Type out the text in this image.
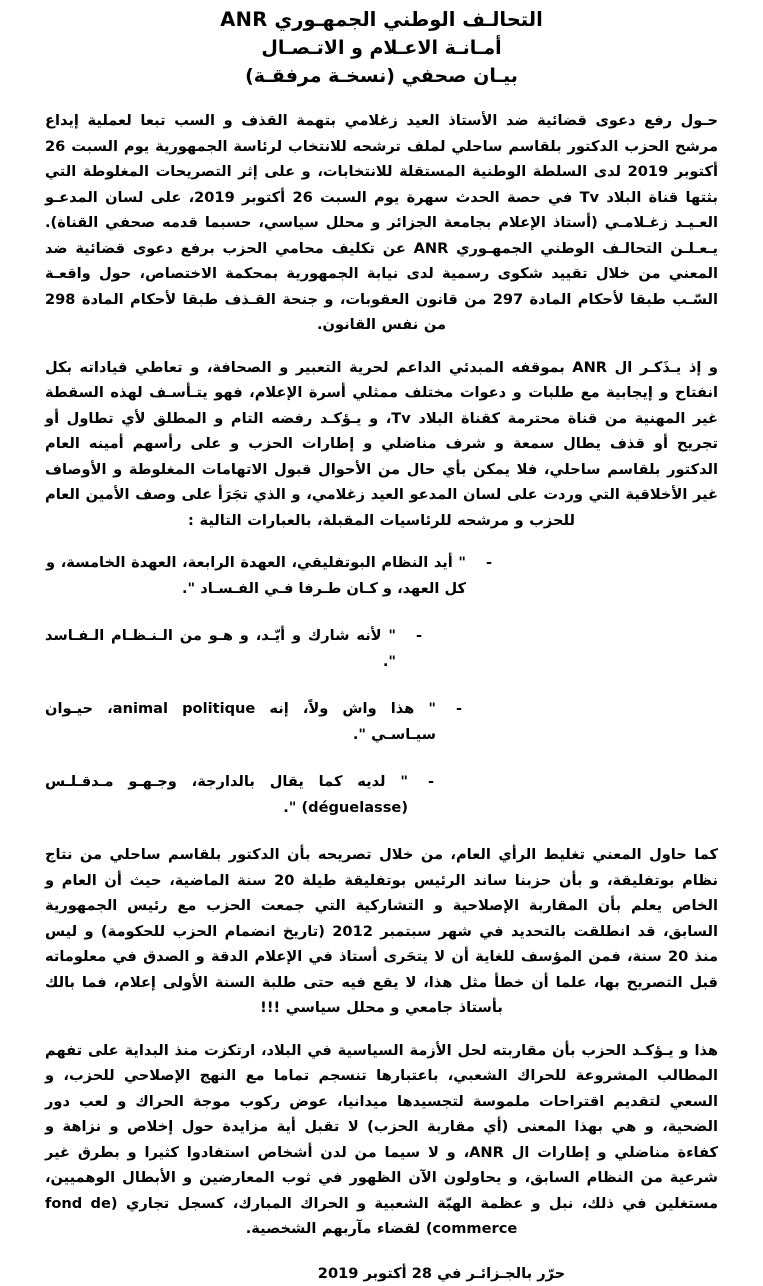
التحالـف الوطني الجمهـوري ANR
أمـانـة الاعـلام و الاتـصـال
بيـان صحفي (نسخـة مرفقـة)

حـول رفع دعوى قضائية ضد الأستاذ العيد زغلامي بتهمة القذف و السب تبعا لعملية إيداع مرشح الحزب الدكتور بلقاسم ساحلي لملف ترشحه للانتخاب لرئاسة الجمهورية يوم السبت 26 أكتوبر 2019 لدى السلطة الوطنية المستقلة للانتخابات، و على إثر التصريحات المغلوطة التي بثتها قناة البلاد Tv في حصة الحدث سهرة يوم السبت 26 أكتوبر 2019، على لسان المدعـو العـيـد زغـلامـي (أستاذ الإعلام بجامعة الجزائر و محلل سياسي، حسبما قدمه صحفي القناة). يـعـلـن التحالـف الوطني الجمهـوري ANR عن تكليف محامي الحزب برفع دعوى قضائية ضد المعني من خلال تقييد شكوى رسمية لدى نيابة الجمهورية بمحكمة الاختصاص، حول واقعـة السّـب طبقا لأحكام المادة 297 من قانون العقوبات، و جنحة القـذف طبقا لأحكام المادة 298 من نفس القانون.

و إذ يـذَكـر ال ANR بموقفه المبدئي الداعم لحرية التعبير و الصحافة، و تعاطي قياداته بكل انفتاح و إيجابية مع طلبات و دعوات مختلف ممثلي أسرة الإعلام، فهو يتـأسـف لهذه السقطة غير المهنية من قناة محترمة كقناة البلاد Tv، و يـؤكـد رفضه التام و المطلق لأي تطاول أو تجريح أو قذف يطال سمعة و شرف مناضلي و إطارات الحزب و على رأسهم أمينه العام الدكتور بلقاسم ساحلي، فلا يمكن بأي حال من الأحوال قبول الاتهامات المغلوطة و الأوصاف غير الأخلاقية التي وردت على لسان المدعو العيد زغلامي، و الذي تجَرَأ على وصف الأمين العام للحزب و مرشحه للرئاسيات المقبلة، بالعبارات التالية :

-
" أيد النظام البوتفليقي، العهدة الرابعة، العهدة الخامسة، و كل العهد، و كـان طـرفا فـي الفـسـاد ".
-
" لأنه شارك و أيّـد، و هـو من الـنـظـام الـفـاسد ".
-
" هذا واش ولاً، إنه animal politique، حيـوان سيـاسـي ".
-
" لديه كما يقال بالدارجة، وجـهـو مـدقـلـس (déguelasse) ".

كما حاول المعني تغليط الرأي العام، من خلال تصريحه بأن الدكتور بلقاسم ساحلي من نتاج نظام بوتفليقة، و بأن حزبنا ساند الرئيس بوتفليقة طيلة 20 سنة الماضية، حيث أن العام و الخاص يعلم بأن المقاربة الإصلاحية و التشاركية التي جمعت الحزب مع رئيس الجمهورية السابق، قد انطلقت بالتحديد في شهر سبتمبر 2012 (تاريخ انضمام الحزب للحكومة) و ليس منذ 20 سنة، فمن المؤسف للغاية أن لا يتحَرى أستاذ في الإعلام الدقة و الصدق في معلوماته قبل التصريح بها، علما أن خطأ مثل هذا، لا يقع فيه حتى طلبة السنة الأولى إعلام، فما بالك بأستاذ جامعي و محلل سياسي !!!

هذا و يـؤكـد الحزب بأن مقاربته لحل الأزمة السياسية في البلاد، ارتكزت منذ البداية على تفهم المطالب المشروعة للحراك الشعبي، باعتبارها تنسجم تماما مع النهج الإصلاحي للحزب، و السعي لتقديم اقتراحات ملموسة لتجسيدها ميدانيا، عوض ركوب موجة الحراك و لعب دور الضحية، و هي بهذا المعنى (أي مقاربة الحزب) لا تقبل أية مزايدة حول إخلاص و نزاهة و كفاءة مناضلي و إطارات ال ANR، و لا سيما من لدن أشخاص استفادوا كثيرا و بطرق غير شرعية من النظام السابق، و يحاولون الآن الظهور في ثوب المعارضين و الأبطال الوهميين، مستغلين في ذلك، نبل و عظمة الهبّة الشعبية و الحراك المبارك، كسجل تجاري (fond de commerce) لقضاء مآربهم الشخصية.

حرّر بالجـزائـر في 28 أكتوبر 2019
